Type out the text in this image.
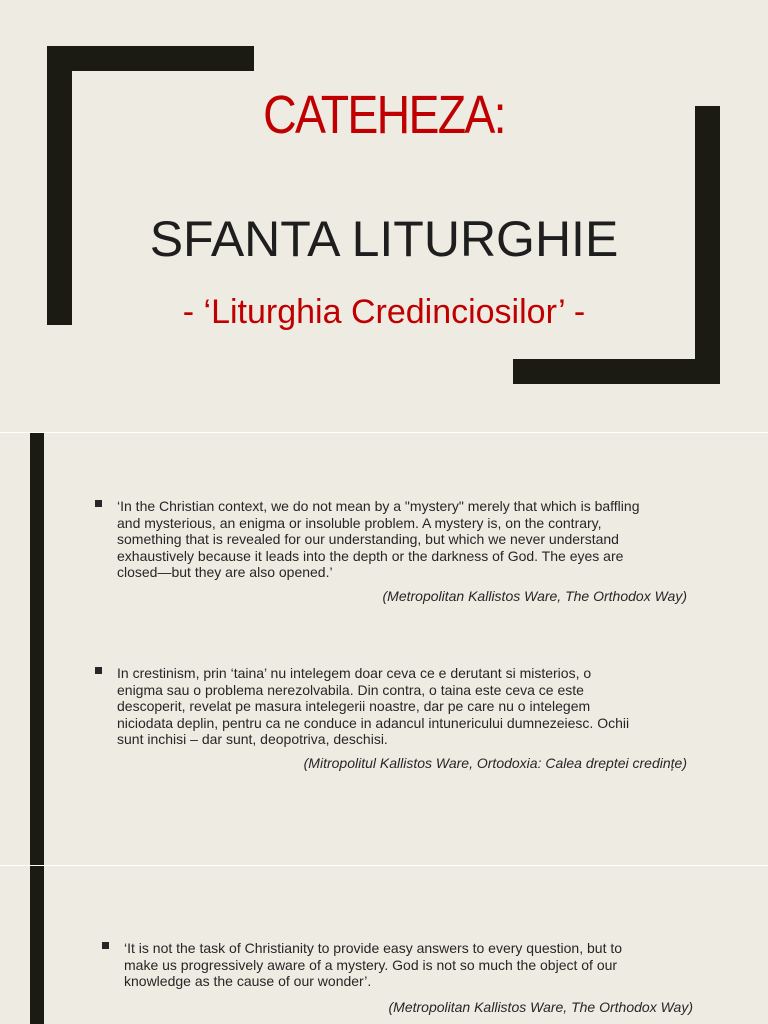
CATEHEZA:
SFANTA LITURGHIE
- ‘Liturghia Credinciosilor’ -
‘In the Christian context, we do not mean by a "mystery" merely that which is baffling
and mysterious, an enigma or insoluble problem. A mystery is, on the contrary,
something that is revealed for our understanding, but which we never understand
exhaustively because it leads into the depth or the darkness of God. The eyes are
closed—but they are also opened.’
(Metropolitan Kallistos Ware, The Orthodox Way)
In crestinism, prin ‘taina’ nu intelegem doar ceva ce e derutant si misterios, o
enigma sau o problema nerezolvabila. Din contra, o taina este ceva ce este
descoperit, revelat pe masura intelegerii noastre, dar pe care nu o intelegem
niciodata deplin, pentru ca ne conduce in adancul intunericului dumnezeiesc. Ochii
sunt inchisi – dar sunt, deopotriva, deschisi.
(Mitropolitul Kallistos Ware, Ortodoxia: Calea dreptei credințe)
‘It is not the task of Christianity to provide easy answers to every question, but to
make us progressively aware of a mystery. God is not so much the object of our
knowledge as the cause of our wonder’.
(Metropolitan Kallistos Ware, The Orthodox Way)
